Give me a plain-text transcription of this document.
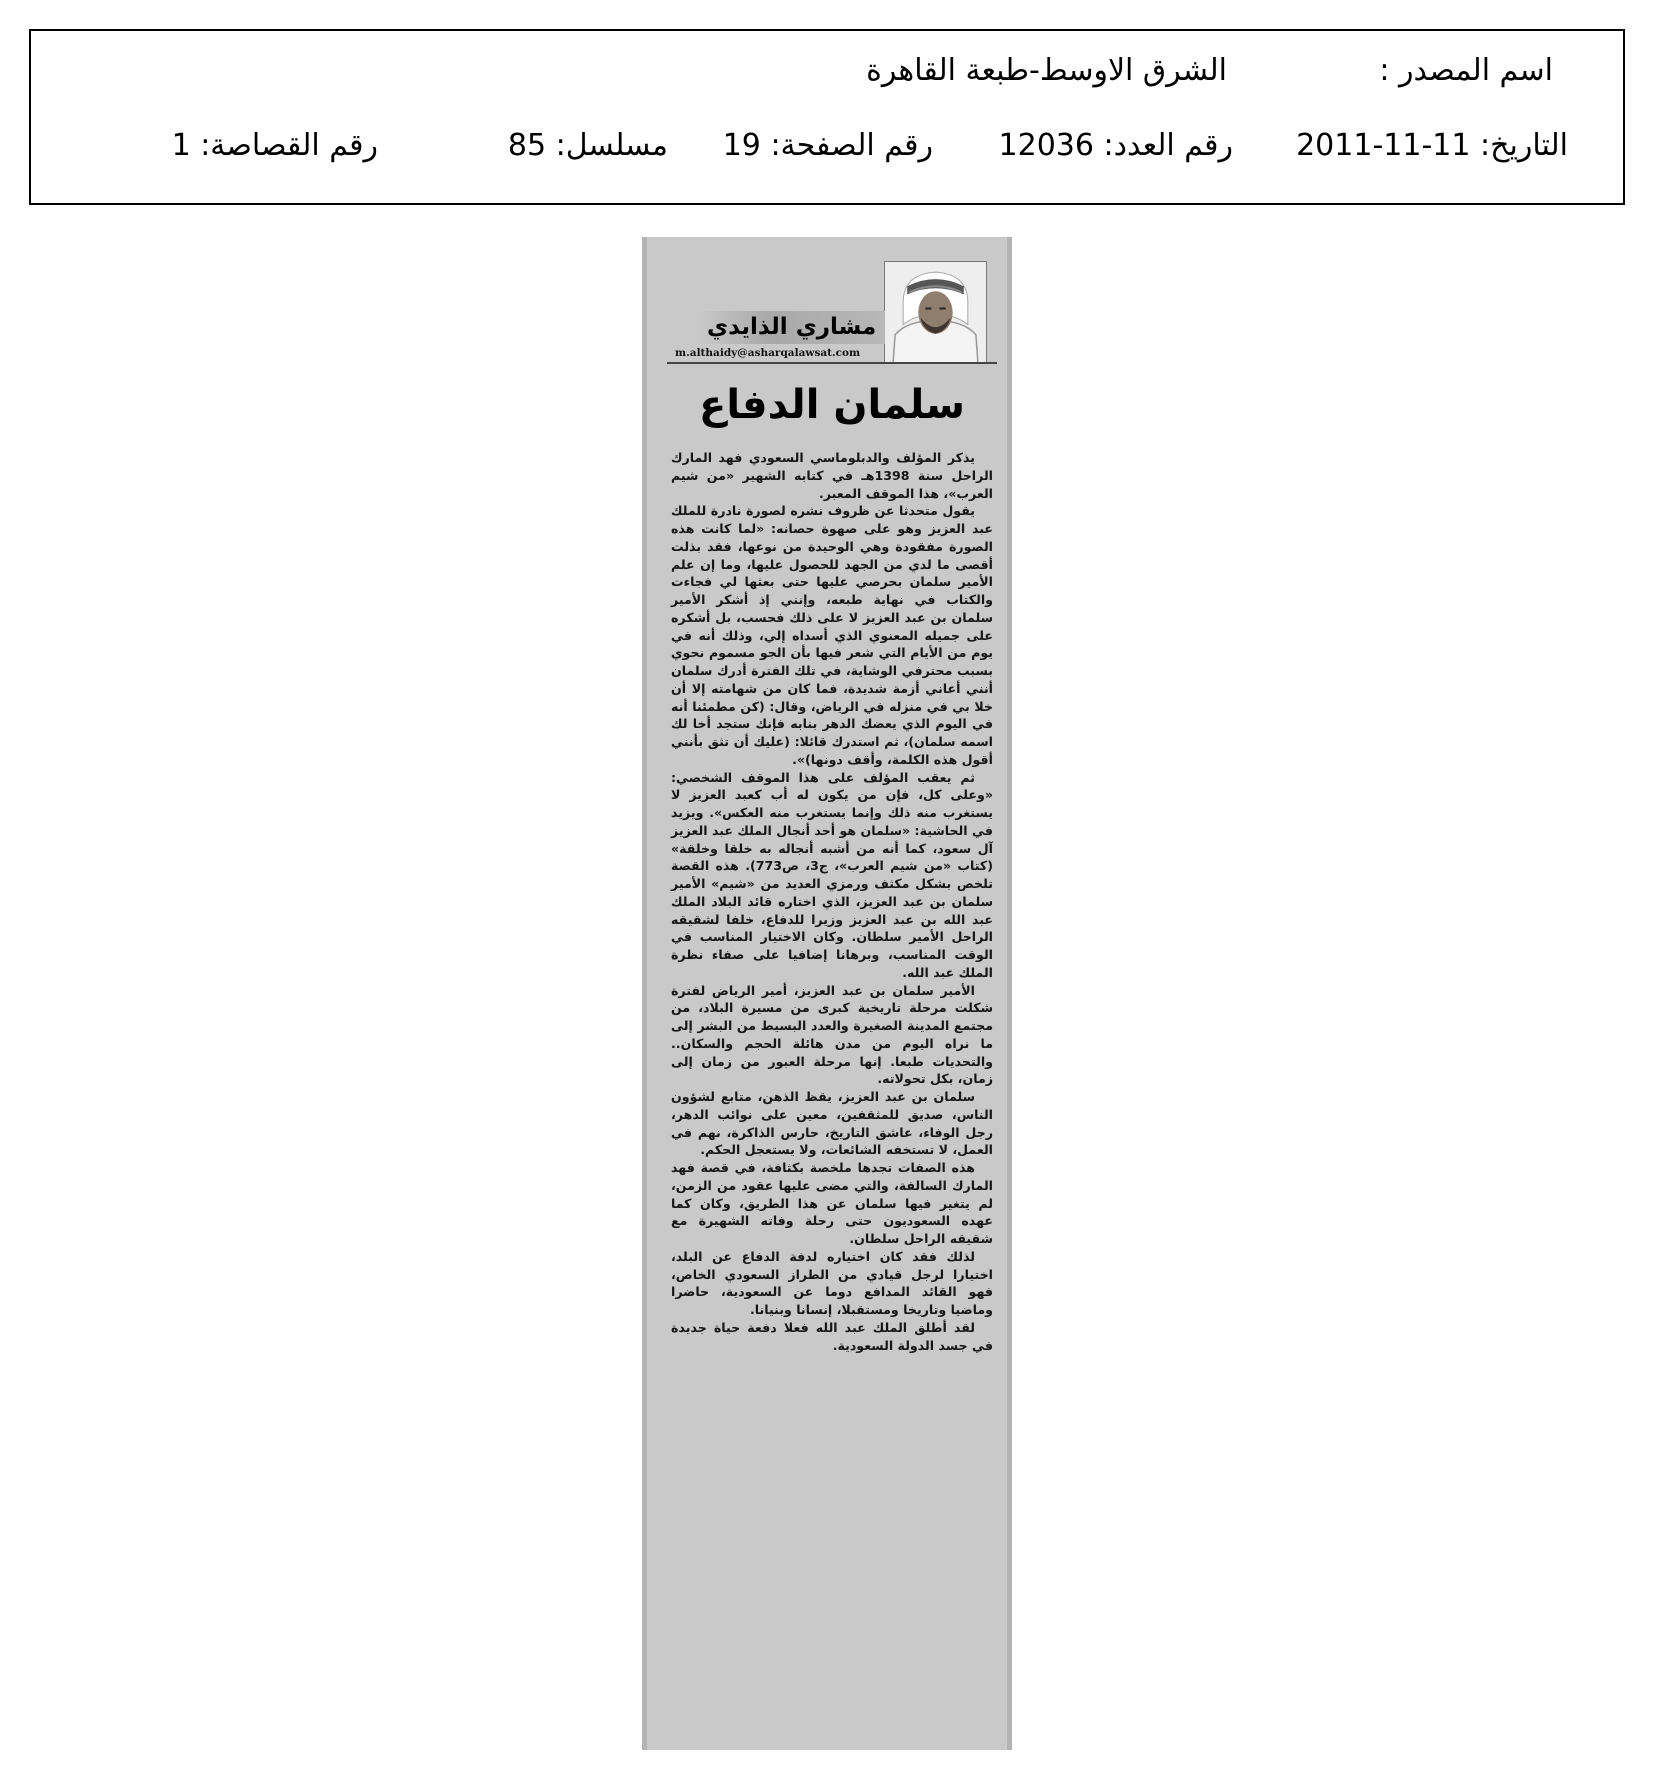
اسم المصدر :
الشرق الاوسط-طبعة القاهرة
التاريخ: 11-11-2011
رقم العدد: 12036
رقم الصفحة: 19
مسلسل: 85
رقم القصاصة: 1
مشاري الذايدي
m.althaidy@asharqalawsat.com
سلمان الدفاع

يذكر المؤلف والدبلوماسي السعودي فهد المارك الراحل سنة 1398هـ في كتابه الشهير «من شيم العرب»، هذا الموقف المعبر.

يقول متحدثا عن ظروف نشره لصورة نادرة للملك عبد العزيز وهو على صهوة حصانه: «لما كانت هذه الصورة مفقودة وهي الوحيدة من نوعها، فقد بذلت أقصى ما لدي من الجهد للحصول عليها، وما إن علم الأمير سلمان بحرصي عليها حتى بعثها لي فجاءت والكتاب في نهاية طبعه، وإنني إذ أشكر الأمير سلمان بن عبد العزيز لا على ذلك فحسب، بل أشكره على جميله المعنوي الذي أسداه إلي، وذلك أنه في يوم من الأيام التي شعر فيها بأن الجو مسموم نحوي بسبب محترفي الوشاية، في تلك الفترة أدرك سلمان أنني أعاني أزمة شديدة، فما كان من شهامته إلا أن خلا بي في منزله في الرياض، وقال: (كن مطمئنا أنه في اليوم الذي يعضك الدهر بنابه فإنك ستجد أخا لك اسمه سلمان)، ثم استدرك قائلا: (عليك أن تثق بأنني أقول هذه الكلمة، وأقف دونها)».

ثم يعقب المؤلف على هذا الموقف الشخصي: «وعلى كل، فإن من يكون له أب كعبد العزيز لا يستغرب منه ذلك وإنما يستغرب منه العكس». ويزيد في الحاشية: «سلمان هو أحد أنجال الملك عبد العزيز آل سعود، كما أنه من أشبه أنجاله به خلقا وخلقة» (كتاب «من شيم العرب»، ج3، ص773). هذه القصة تلخص بشكل مكثف ورمزي العديد من «شيم» الأمير سلمان بن عبد العزيز، الذي اختاره قائد البلاد الملك عبد الله بن عبد العزيز وزيرا للدفاع، خلفا لشقيقه الراحل الأمير سلطان. وكان الاختيار المناسب في الوقت المناسب، وبرهانا إضافيا على صفاء نظرة الملك عبد الله.

الأمير سلمان بن عبد العزيز، أمير الرياض لفترة شكلت مرحلة تاريخية كبرى من مسيرة البلاد، من مجتمع المدينة الصغيرة والعدد البسيط من البشر إلى ما نراه اليوم من مدن هائلة الحجم والسكان.. والتحديات طبعا. إنها مرحلة العبور من زمان إلى زمان، بكل تحولاته.

سلمان بن عبد العزيز، يقظ الذهن، متابع لشؤون الناس، صديق للمثقفين، معين على نوائب الدهر، رجل الوفاء، عاشق التاريخ، حارس الذاكرة، نهم في العمل، لا تستخفه الشائعات، ولا يستعجل الحكم.

هذه الصفات تجدها ملخصة بكثافة، في قصة فهد المارك السالفة، والتي مضى عليها عقود من الزمن، لم يتغير فيها سلمان عن هذا الطريق، وكان كما عهده السعوديون حتى رحلة وفاته الشهيرة مع شقيقه الراحل سلطان.

لذلك فقد كان اختياره لدفة الدفاع عن البلد، اختيارا لرجل قيادي من الطراز السعودي الخاص، فهو القائد المدافع دوما عن السعودية، حاضرا وماضيا وتاريخا ومستقبلا، إنسانا وبنيانا.

لقد أطلق الملك عبد الله فعلا دفعة حياة جديدة في جسد الدولة السعودية.
